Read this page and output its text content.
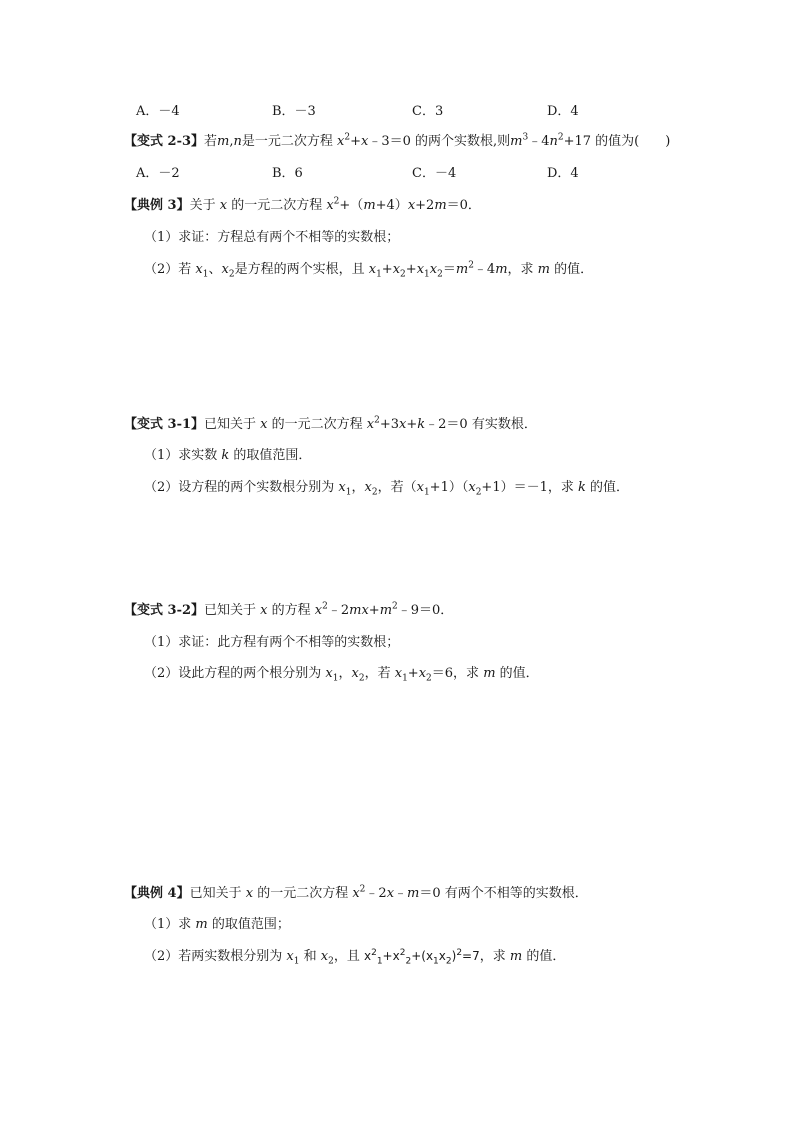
A．－4	B．－3	C．3	D．4
【变式 2-3】若m,n是一元二次方程 $x^2+x﹣3=0$ 的两个实数根,则$m^3﹣4n^2+17$ 的值为(　　)
A．－2	B．6	C．－4	D．4
【典例 3】关于 x 的一元二次方程 $x^2+(m+4)x+2m=0$．
（1）求证：方程总有两个不相等的实数根；
（2）若 $x_1$、$x_2$是方程的两个实根，且 $x_1+x_2+x_1x_2=m^2﹣4m$，求 m 的值．
【变式 3-1】已知关于 x 的一元二次方程 $x^2+3x+k﹣2=0$ 有实数根．
（1）求实数 k 的取值范围．
（2）设方程的两个实数根分别为 $x_1$，$x_2$，若$(x_1+1)(x_2+1)=-1$，求 k 的值．
【变式 3-2】已知关于 x 的方程 $x^2﹣2mx+m^2﹣9=0$．
（1）求证：此方程有两个不相等的实数根；
（2）设此方程的两个根分别为 $x_1$，$x_2$，若 $x_1+x_2=6$，求 m 的值．
【典例 4】已知关于 x 的一元二次方程 $x^2﹣2x﹣m=0$ 有两个不相等的实数根．
（1）求 m 的取值范围；
（2）若两实数根分别为 $x_1$ 和 $x_2$，且 $x^2_1+x^2_2+(x_1x_2)^2=7$，求 m 的值．
